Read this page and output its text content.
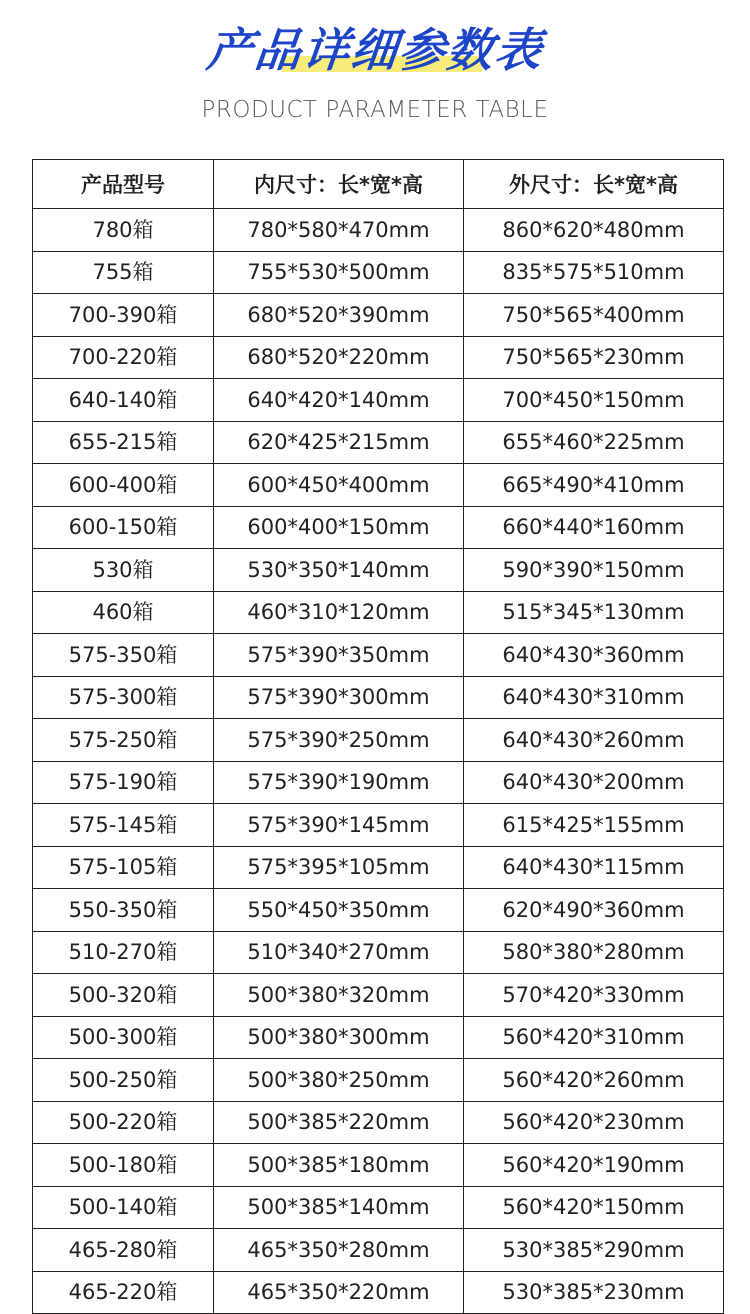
产品详细参数表
PRODUCT PARAMETER TABLE
产品型号	内尺寸：长*宽*高	外尺寸：长*宽*高
780箱	780*580*470mm	860*620*480mm
755箱	755*530*500mm	835*575*510mm
700-390箱	680*520*390mm	750*565*400mm
700-220箱	680*520*220mm	750*565*230mm
640-140箱	640*420*140mm	700*450*150mm
655-215箱	620*425*215mm	655*460*225mm
600-400箱	600*450*400mm	665*490*410mm
600-150箱	600*400*150mm	660*440*160mm
530箱	530*350*140mm	590*390*150mm
460箱	460*310*120mm	515*345*130mm
575-350箱	575*390*350mm	640*430*360mm
575-300箱	575*390*300mm	640*430*310mm
575-250箱	575*390*250mm	640*430*260mm
575-190箱	575*390*190mm	640*430*200mm
575-145箱	575*390*145mm	615*425*155mm
575-105箱	575*395*105mm	640*430*115mm
550-350箱	550*450*350mm	620*490*360mm
510-270箱	510*340*270mm	580*380*280mm
500-320箱	500*380*320mm	570*420*330mm
500-300箱	500*380*300mm	560*420*310mm
500-250箱	500*380*250mm	560*420*260mm
500-220箱	500*385*220mm	560*420*230mm
500-180箱	500*385*180mm	560*420*190mm
500-140箱	500*385*140mm	560*420*150mm
465-280箱	465*350*280mm	530*385*290mm
465-220箱	465*350*220mm	530*385*230mm
